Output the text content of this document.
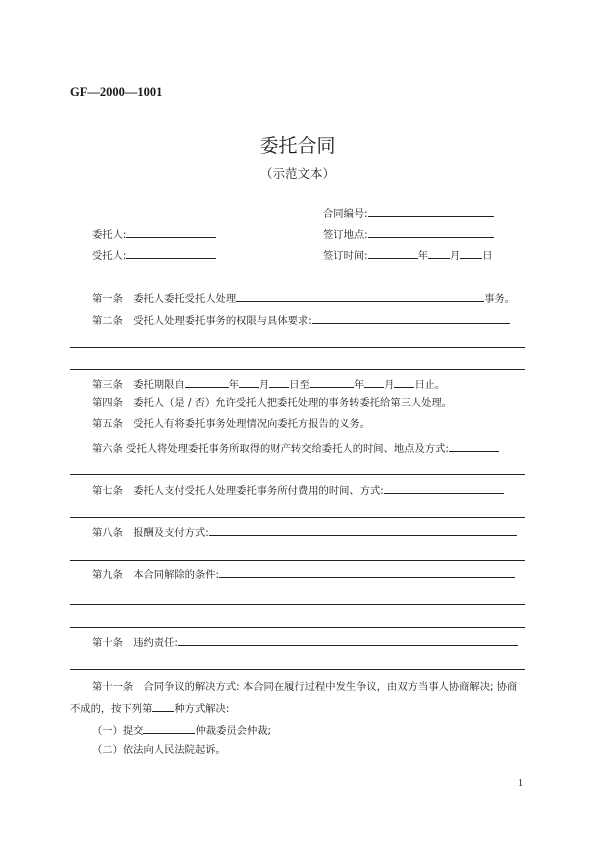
GF—2000—1001
委托合同
（示范文本）
合同编号:
委托人:	签订地点:
受托人:	签订时间:	年 月 日
第一条　 委托人委托受托人处理	事务。
第二条　 受托人处理委托事务的权限与具体要求:
第三条　 委托期限自	年 月 日至	年 月 日止。
第四条　 委托人（是 / 否）允许受托人把委托处理的事务转委托给第三人处理。
第五条　 受托人有将委托事务处理情况向委托方报告的义务。
第六条 受托人将处理委托事务所取得的财产转交给委托人的时间、地点及方式:
第七条　 委托人支付受托人处理委托事务所付费用的时间、方式:
第八条　 报酬及支付方式:
第九条　 本合同解除的条件:
第十条　 违约责任:
第十一条　合同争议的解决方式: 本合同在履行过程中发生争议，由双方当事人协商解决; 协商不成的，按下列第 种方式解决:
（一）提交	仲裁委员会仲裁;
（二）依法向人民法院起诉。
1
